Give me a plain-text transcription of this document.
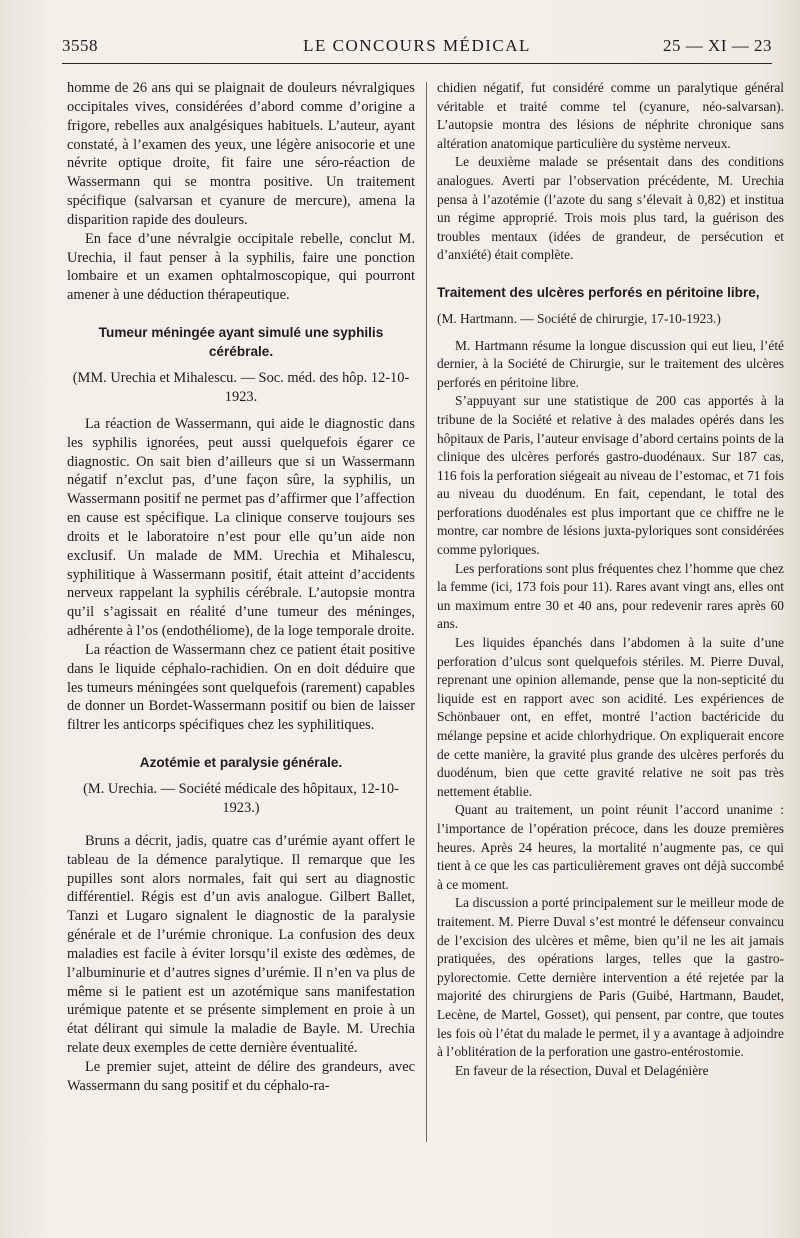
3558	LE CONCOURS MÉDICAL	25 — XI — 23

homme de 26 ans qui se plaignait de douleurs névralgiques occipitales vives, considérées d’abord comme d’origine a frigore, rebelles aux analgésiques habituels. L’auteur, ayant constaté, à l’examen des yeux, une légère anisocorie et une névrite optique droite, fit faire une séro-réaction de Wassermann qui se montra positive. Un traitement spécifique (salvarsan et cyanure de mercure), amena la disparition rapide des douleurs.

En face d’une névralgie occipitale rebelle, conclut M. Urechia, il faut penser à la syphilis, faire une ponction lombaire et un examen ophtalmoscopique, qui pourront amener à une déduction thérapeutique.

Tumeur méningée ayant simulé une syphilis cérébrale.

(MM. Urechia et Mihalescu. — Soc. méd. des hôp. 12-10-1923.

La réaction de Wassermann, qui aide le diagnostic dans les syphilis ignorées, peut aussi quelquefois égarer ce diagnostic. On sait bien d’ailleurs que si un Wassermann négatif n’exclut pas, d’une façon sûre, la syphilis, un Wassermann positif ne permet pas d’affirmer que l’affection en cause est spécifique. La clinique conserve toujours ses droits et le laboratoire n’est pour elle qu’un aide non exclusif. Un malade de MM. Urechia et Mihalescu, syphilitique à Wassermann positif, était atteint d’accidents nerveux rappelant la syphilis cérébrale. L’autopsie montra qu’il s’agissait en réalité d’une tumeur des méninges, adhérente à l’os (endothéliome), de la loge temporale droite.

La réaction de Wassermann chez ce patient était positive dans le liquide céphalo-rachidien. On en doit déduire que les tumeurs méningées sont quelquefois (rarement) capables de donner un Bordet-Wassermann positif ou bien de laisser filtrer les anticorps spécifiques chez les syphilitiques.

Azotémie et paralysie générale.

(M. Urechia. — Société médicale des hôpitaux, 12-10-1923.)

Bruns a décrit, jadis, quatre cas d’urémie ayant offert le tableau de la démence paralytique. Il remarque que les pupilles sont alors normales, fait qui sert au diagnostic différentiel. Régis est d’un avis analogue. Gilbert Ballet, Tanzi et Lugaro signalent le diagnostic de la paralysie générale et de l’urémie chronique. La confusion des deux maladies est facile à éviter lorsqu’il existe des œdèmes, de l’albuminurie et d’autres signes d’urémie. Il n’en va plus de même si le patient est un azotémique sans manifestation urémique patente et se présente simplement en proie à un état délirant qui simule la maladie de Bayle. M. Urechia relate deux exemples de cette dernière éventualité.

Le premier sujet, atteint de délire des grandeurs, avec Wassermann du sang positif et du céphalo-ra-

chidien négatif, fut considéré comme un paralytique général véritable et traité comme tel (cyanure, néo-salvarsan). L’autopsie montra des lésions de néphrite chronique sans altération anatomique particulière du système nerveux.

Le deuxième malade se présentait dans des conditions analogues. Averti par l’observation précédente, M. Urechia pensa à l’azotémie (l’azote du sang s’élevait à 0,82) et institua un régime approprié. Trois mois plus tard, la guérison des troubles mentaux (idées de grandeur, de persécution et d’anxiété) était complète.

Traitement des ulcères perforés en péritoine libre,

(M. Hartmann. — Société de chirurgie, 17-10-1923.)

M. Hartmann résume la longue discussion qui eut lieu, l’été dernier, à la Société de Chirurgie, sur le traitement des ulcères perforés en péritoine libre.

S’appuyant sur une statistique de 200 cas apportés à la tribune de la Société et relative à des malades opérés dans les hôpitaux de Paris, l’auteur envisage d’abord certains points de la clinique des ulcères perforés gastro-duodénaux. Sur 187 cas, 116 fois la perforation siégeait au niveau de l’estomac, et 71 fois au niveau du duodénum. En fait, cependant, le total des perforations duodénales est plus important que ce chiffre ne le montre, car nombre de lésions juxta-pyloriques sont considérées comme pyloriques.

Les perforations sont plus fréquentes chez l’homme que chez la femme (ici, 173 fois pour 11). Rares avant vingt ans, elles ont un maximum entre 30 et 40 ans, pour redevenir rares après 60 ans.

Les liquides épanchés dans l’abdomen à la suite d’une perforation d’ulcus sont quelquefois stériles. M. Pierre Duval, reprenant une opinion allemande, pense que la non-septicité du liquide est en rapport avec son acidité. Les expériences de Schönbauer ont, en effet, montré l’action bactéricide du mélange pepsine et acide chlorhydrique. On expliquerait encore de cette manière, la gravité plus grande des ulcères perforés du duodénum, bien que cette gravité relative ne soit pas très nettement établie.

Quant au traitement, un point réunit l’accord unanime : l’importance de l’opération précoce, dans les douze premières heures. Après 24 heures, la mortalité n’augmente pas, ce qui tient à ce que les cas particulièrement graves ont déjà succombé à ce moment.

La discussion a porté principalement sur le meilleur mode de traitement. M. Pierre Duval s’est montré le défenseur convaincu de l’excision des ulcères et même, bien qu’il ne les ait jamais pratiquées, des opérations larges, telles que la gastro-pylorectomie. Cette dernière intervention a été rejetée par la majorité des chirurgiens de Paris (Guibé, Hartmann, Baudet, Lecène, de Martel, Gosset), qui pensent, par contre, que toutes les fois où l’état du malade le permet, il y a avantage à adjoindre à l’oblitération de la perforation une gastro-entérostomie.

En faveur de la résection, Duval et Delagénière
